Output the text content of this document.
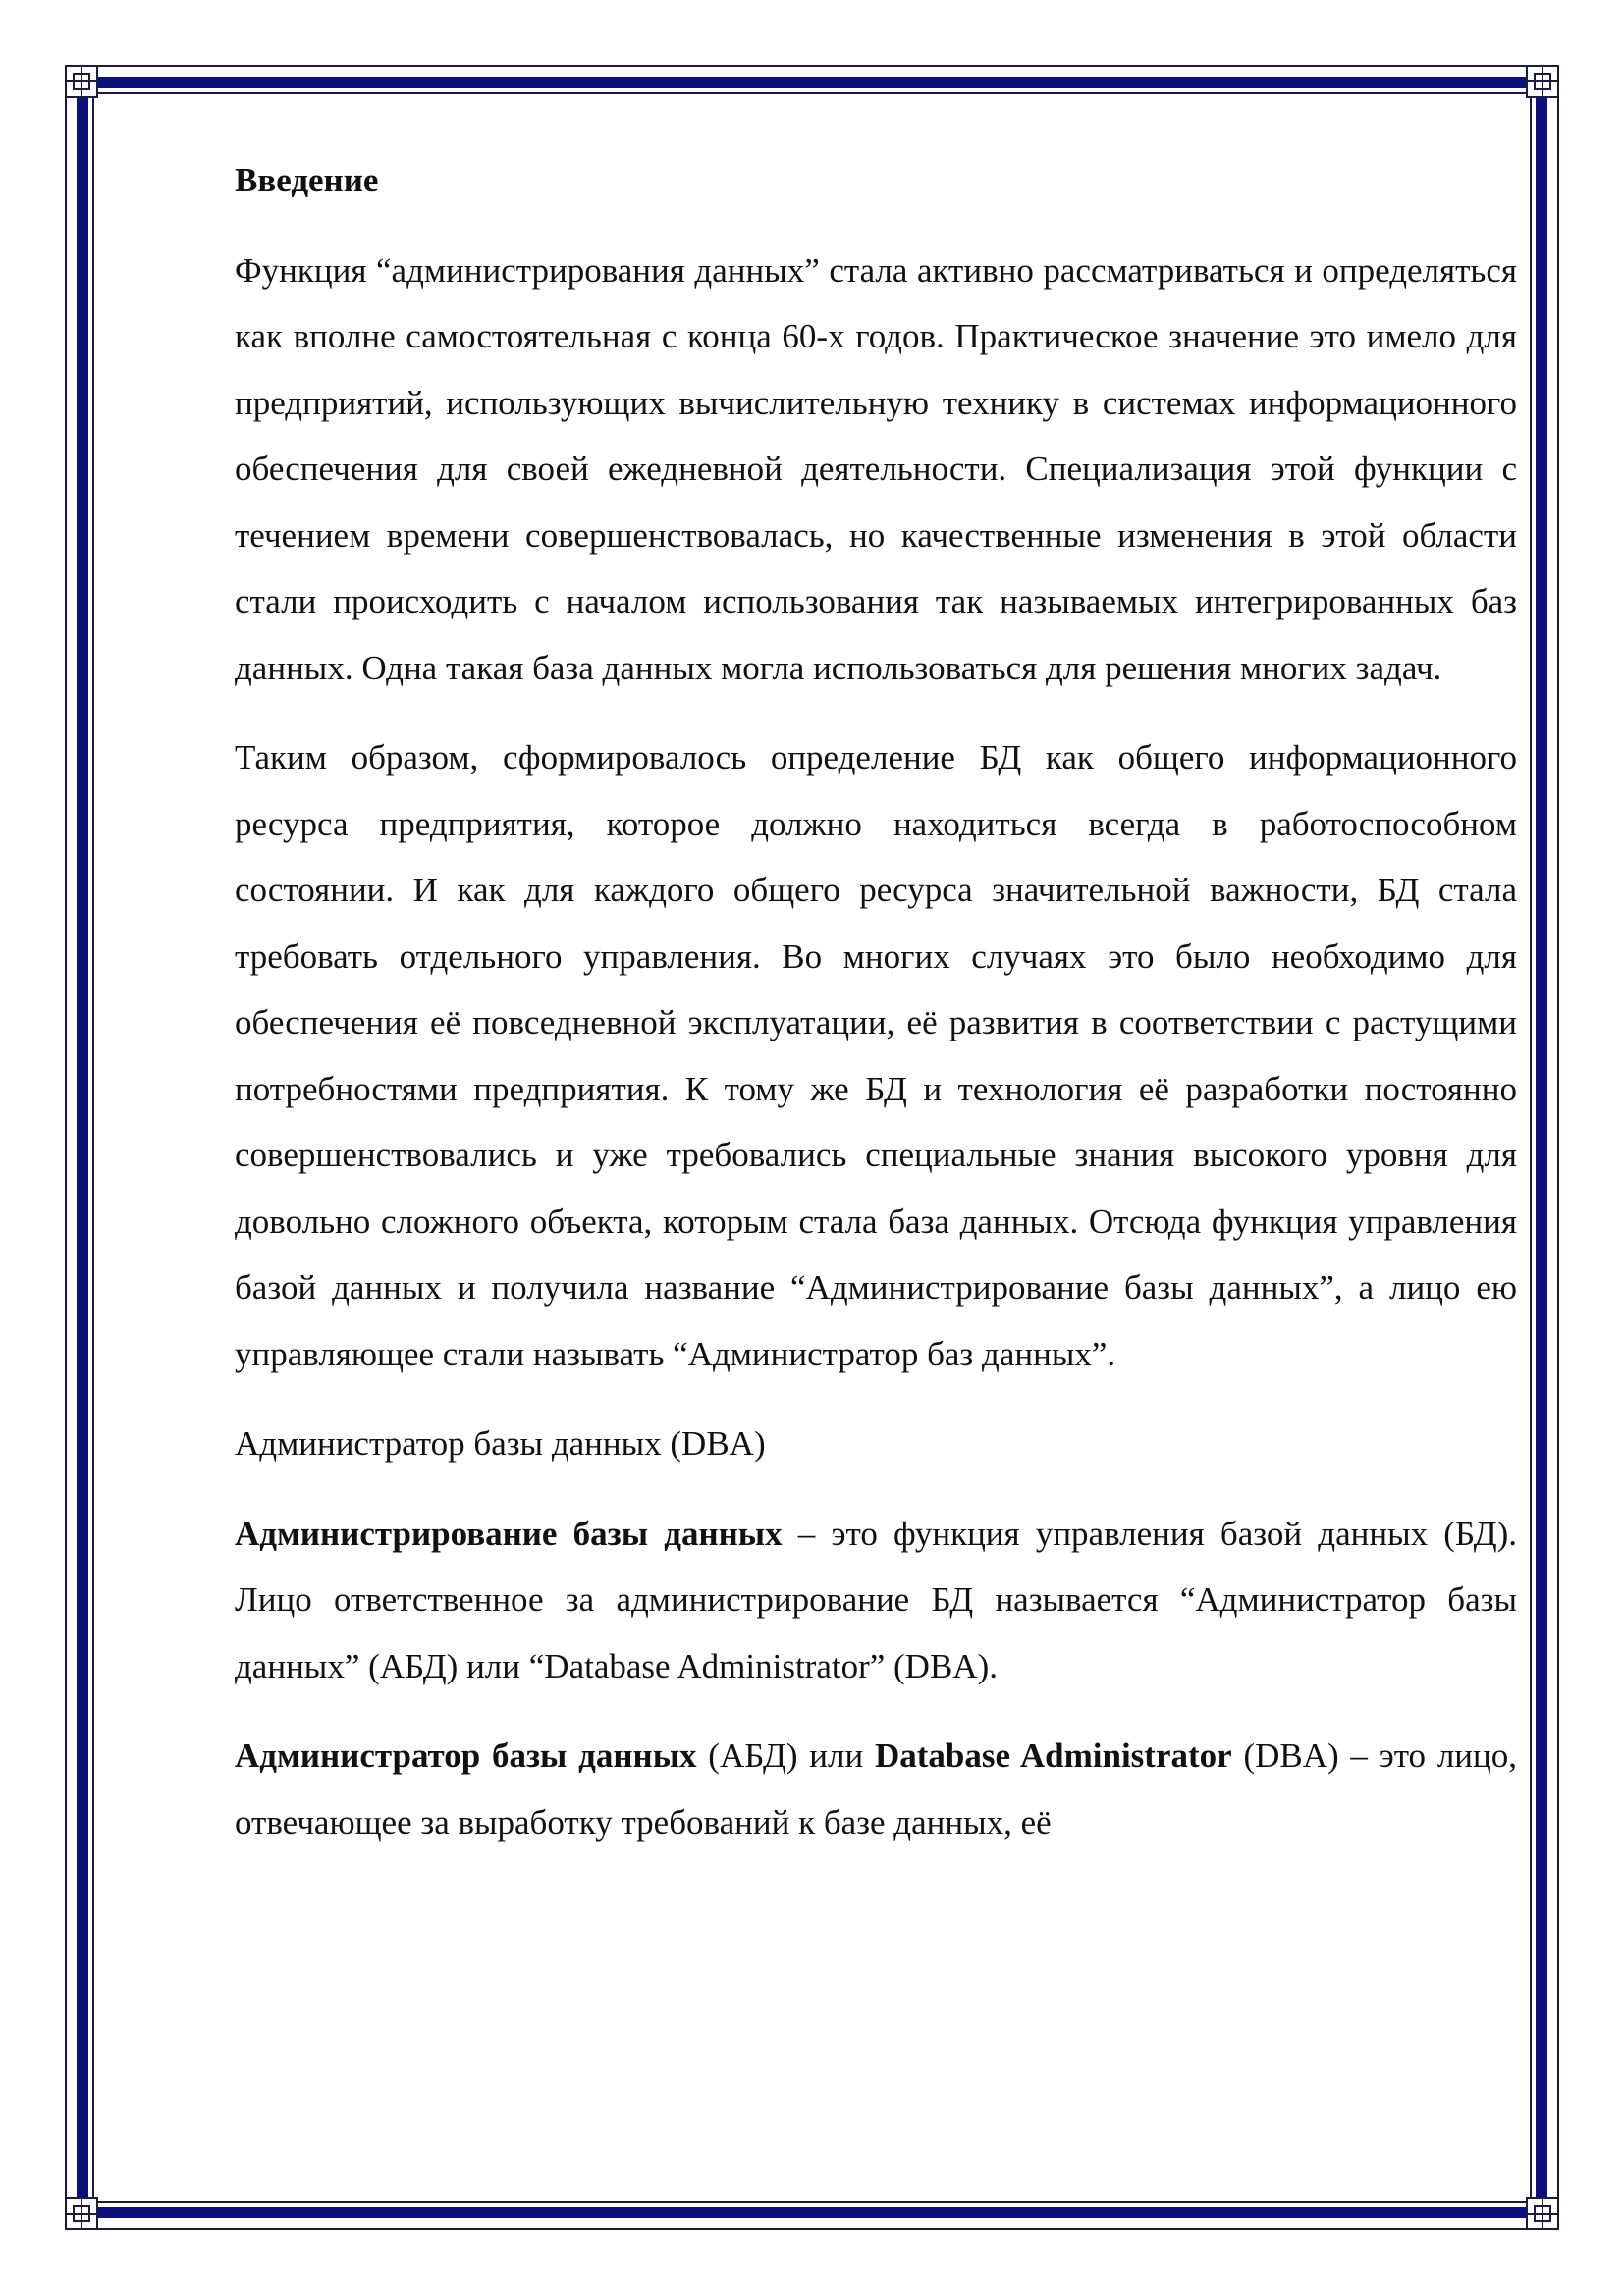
Введение

Функция “администрирования данных” стала активно рассматриваться и определяться как вполне самостоятельная с конца 60-х годов. Практическое значение это имело для предприятий, использующих вычислительную технику в системах информационного обеспечения для своей ежедневной деятельности. Специализация этой функции с течением времени совершенствовалась, но качественные изменения в этой области стали происходить с началом использования так называемых интегрированных баз данных. Одна такая база данных могла использоваться для решения многих задач.

Таким образом, сформировалось определение БД как общего информационного ресурса предприятия, которое должно находиться всегда в работоспособном состоянии. И как для каждого общего ресурса значительной важности, БД стала требовать отдельного управления. Во многих случаях это было необходимо для обеспечения её повседневной эксплуатации, её развития в соответствии с растущими потребностями предприятия. К тому же БД и технология её разработки постоянно совершенствовались и уже требовались специальные знания высокого уровня для довольно сложного объекта, которым стала база данных. Отсюда функция управления базой данных и получила название “Администрирование базы данных”, а лицо ею управляющее стали называть “Администратор баз данных”.

Администратор базы данных (DBA)

Администрирование базы данных – это функция управления базой данных (БД). Лицо ответственное за администрирование БД называется “Администратор базы данных” (АБД) или “Database Administrator” (DBA).

Администратор базы данных (АБД) или Database Administrator (DBA) – это лицо, отвечающее за выработку требований к базе данных, её
